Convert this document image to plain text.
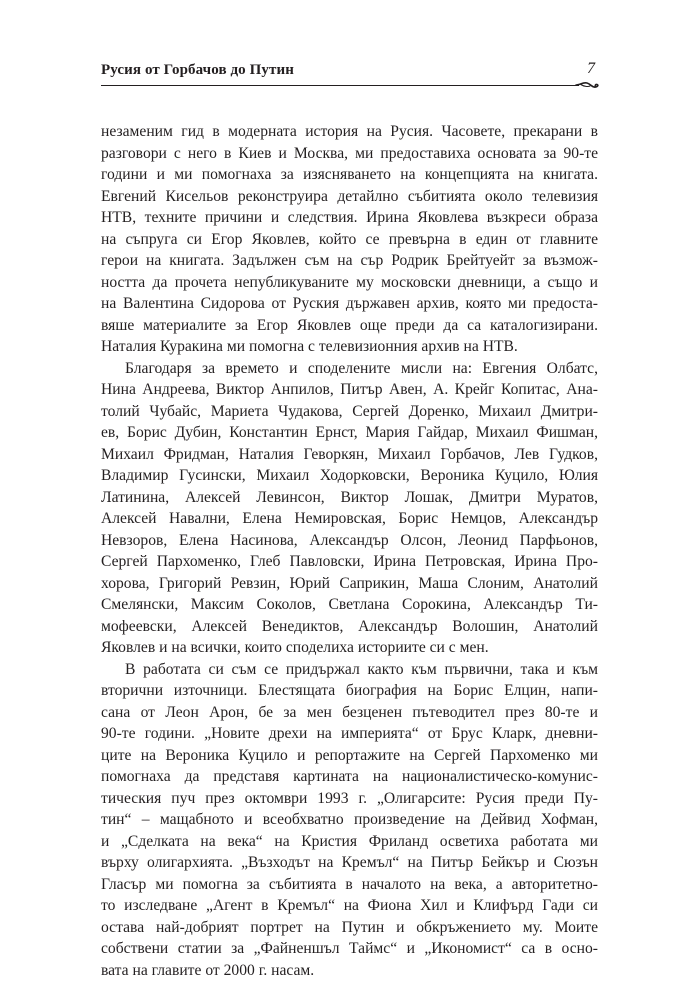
Русия от Горбачов до Путин	7

незаменим гид в модерната история на Русия. Часовете, прекарани в
разговори с него в Киев и Москва, ми предоставиха основата за 90-те
години и ми помогнаха за изясняването на концепцията на книгата.
Евгений Кисельов реконструира детайлно събитията около телевизия
НТВ, техните причини и следствия. Ирина Яковлева възкреси образа
на съпруга си Егор Яковлев, който се превърна в един от главните
герои на книгата. Задължен съм на сър Родрик Брейтуейт за възмож-
ността да прочета непубликуваните му московски дневници, а също и
на Валентина Сидорова от Руския държавен архив, която ми предоста-
вяше материалите за Егор Яковлев още преди да са каталогизирани.
Наталия Куракина ми помогна с телевизионния архив на НТВ.

Благодаря за времето и споделените мисли на: Евгения Олбатс,
Нина Андреева, Виктор Анпилов, Питър Авен, А. Крейг Копитас, Ана-
толий Чубайс, Мариета Чудакова, Сергей Доренко, Михаил Дмитри-
ев, Борис Дубин, Константин Ернст, Мария Гайдар, Михаил Фишман,
Михаил Фридман, Наталия Геворкян, Михаил Горбачов, Лев Гудков,
Владимир Гусински, Михаил Ходорковски, Вероника Куцило, Юлия
Латинина, Алексей Левинсон, Виктор Лошак, Дмитри Муратов,
Алексей Навални, Елена Немировская, Борис Немцов, Александър
Невзоров, Елена Насинова, Александър Олсон, Леонид Парфьонов,
Сергей Пархоменко, Глеб Павловски, Ирина Петровская, Ирина Про-
хорова, Григорий Ревзин, Юрий Саприкин, Маша Слоним, Анатолий
Смелянски, Максим Соколов, Светлана Сорокина, Александър Ти-
мофеевски, Алексей Венедиктов, Александър Волошин, Анатолий
Яковлев и на всички, които споделиха историите си с мен.

В работата си съм се придържал както към първични, така и към
вторични източници. Блестящата биография на Борис Елцин, напи-
сана от Леон Арон, бе за мен безценен пътеводител през 80-те и
90-те години. „Новите дрехи на империята“ от Брус Кларк, дневни-
ците на Вероника Куцило и репортажите на Сергей Пархоменко ми
помогнаха да представя картината на националистическо-комунис-
тическия пуч през октомври 1993 г. „Олигарсите: Русия преди Пу-
тин“ – мащабното и всеобхватно произведение на Дейвид Хофман,
и „Сделката на века“ на Кристия Фриланд осветиха работата ми
върху олигархията. „Възходът на Кремъл“ на Питър Бейкър и Сюзън
Гласър ми помогна за събитията в началото на века, а авторитетно-
то изследване „Агент в Кремъл“ на Фиона Хил и Клифърд Гади си
остава най-добрият портрет на Путин и обкръжението му. Моите
собствени статии за „Файненшъл Таймс“ и „Икономист“ са в осно-
вата на главите от 2000 г. насам.
